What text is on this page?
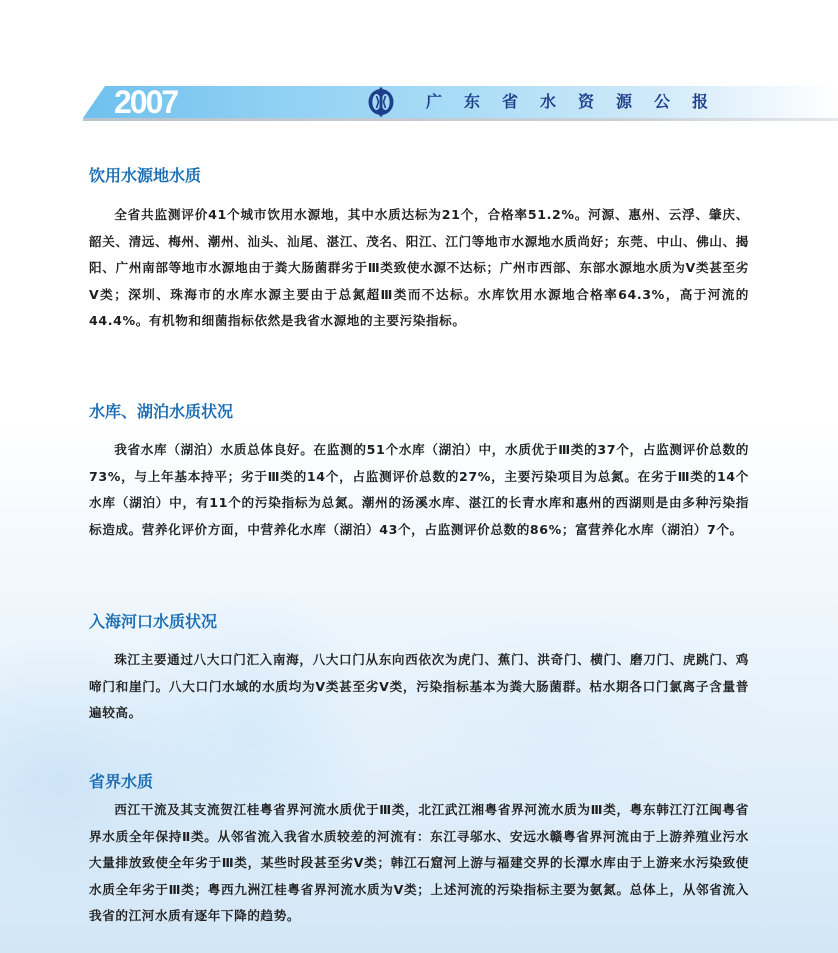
2007	广东省水资源公报
饮用水源地水质

全省共监测评价41个城市饮用水源地，其中水质达标为21个，合格率51.2%。河源、惠州、云浮、肇庆、韶关、清远、梅州、潮州、汕头、汕尾、湛江、茂名、阳江、江门等地市水源地水质尚好；东莞、中山、佛山、揭阳、广州南部等地市水源地由于粪大肠菌群劣于Ⅲ类致使水源不达标；广州市西部、东部水源地水质为Ⅴ类甚至劣Ⅴ类；深圳、珠海市的水库水源主要由于总氮超Ⅲ类而不达标。水库饮用水源地合格率64.3%，高于河流的44.4%。有机物和细菌指标依然是我省水源地的主要污染指标。

水库、湖泊水质状况

我省水库（湖泊）水质总体良好。在监测的51个水库（湖泊）中，水质优于Ⅲ类的37个，占监测评价总数的73%，与上年基本持平；劣于Ⅲ类的14个，占监测评价总数的27%，主要污染项目为总氮。在劣于Ⅲ类的14个水库（湖泊）中，有11个的污染指标为总氮。潮州的汤溪水库、湛江的长青水库和惠州的西湖则是由多种污染指标造成。营养化评价方面，中营养化水库（湖泊）43个，占监测评价总数的86%；富营养化水库（湖泊）7个。

入海河口水质状况

珠江主要通过八大口门汇入南海，八大口门从东向西依次为虎门、蕉门、洪奇门、横门、磨刀门、虎跳门、鸡啼门和崖门。八大口门水域的水质均为Ⅴ类甚至劣Ⅴ类，污染指标基本为粪大肠菌群。枯水期各口门氯离子含量普遍较高。

省界水质

西江干流及其支流贺江桂粤省界河流水质优于Ⅲ类，北江武江湘粤省界河流水质为Ⅲ类，粤东韩江汀江闽粤省界水质全年保持Ⅱ类。从邻省流入我省水质较差的河流有：东江寻邬水、安远水赣粤省界河流由于上游养殖业污水大量排放致使全年劣于Ⅲ类，某些时段甚至劣Ⅴ类；韩江石窟河上游与福建交界的长潭水库由于上游来水污染致使水质全年劣于Ⅲ类；粤西九洲江桂粤省界河流水质为Ⅴ类；上述河流的污染指标主要为氨氮。总体上，从邻省流入我省的江河水质有逐年下降的趋势。
